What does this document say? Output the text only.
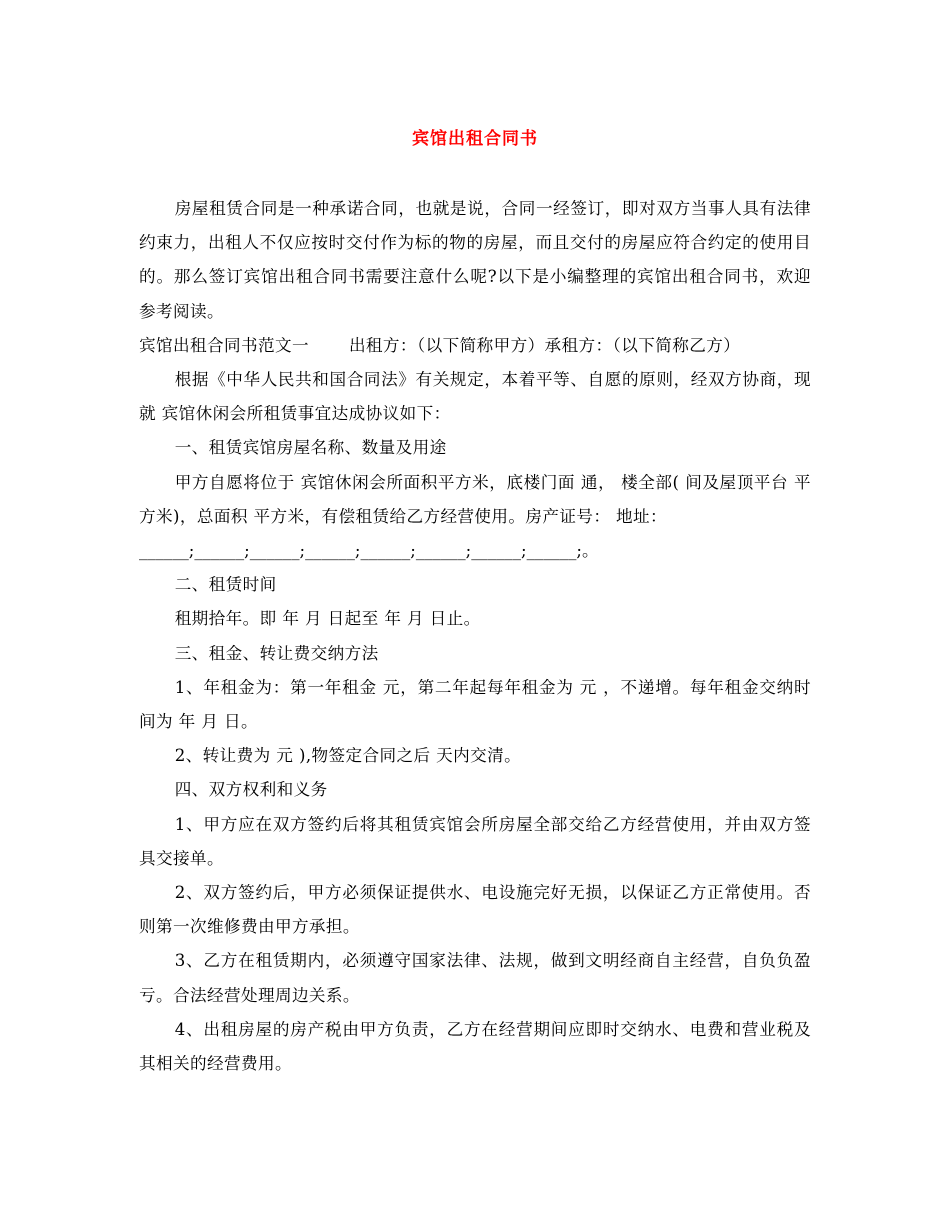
宾馆出租合同书

房屋租赁合同是一种承诺合同，也就是说，合同一经签订，即对双方当事人具有法律约束力，出租人不仅应按时交付作为标的物的房屋，而且交付的房屋应符合约定的使用目的。那么签订宾馆出租合同书需要注意什么呢?以下是小编整理的宾馆出租合同书，欢迎参考阅读。

宾馆出租合同书范文一 出租方：（以下简称甲方）承租方：（以下简称乙方）

根据《中华人民共和国合同法》有关规定，本着平等、自愿的原则，经双方协商，现就 宾馆休闲会所租赁事宜达成协议如下：

一、租赁宾馆房屋名称、数量及用途

甲方自愿将位于 宾馆休闲会所面积平方米，底楼门面 通， 楼全部( 间及屋顶平台 平方米)，总面积 平方米，有偿租赁给乙方经营使用。房产证号： 地址：

______;______;______;______;______;______;______;______;。

二、租赁时间

租期拾年。即 年 月 日起至 年 月 日止。

三、租金、转让费交纳方法

1、年租金为：第一年租金 元，第二年起每年租金为 元 ，不递增。每年租金交纳时间为 年 月 日。

2、转让费为 元 ),物签定合同之后 天内交清。

四、双方权利和义务

1、甲方应在双方签约后将其租赁宾馆会所房屋全部交给乙方经营使用，并由双方签具交接单。

2、双方签约后，甲方必须保证提供水、电设施完好无损，以保证乙方正常使用。否则第一次维修费由甲方承担。

3、乙方在租赁期内，必须遵守国家法律、法规，做到文明经商自主经营，自负负盈亏。合法经营处理周边关系。

4、出租房屋的房产税由甲方负责，乙方在经营期间应即时交纳水、电费和营业税及其相关的经营费用。
